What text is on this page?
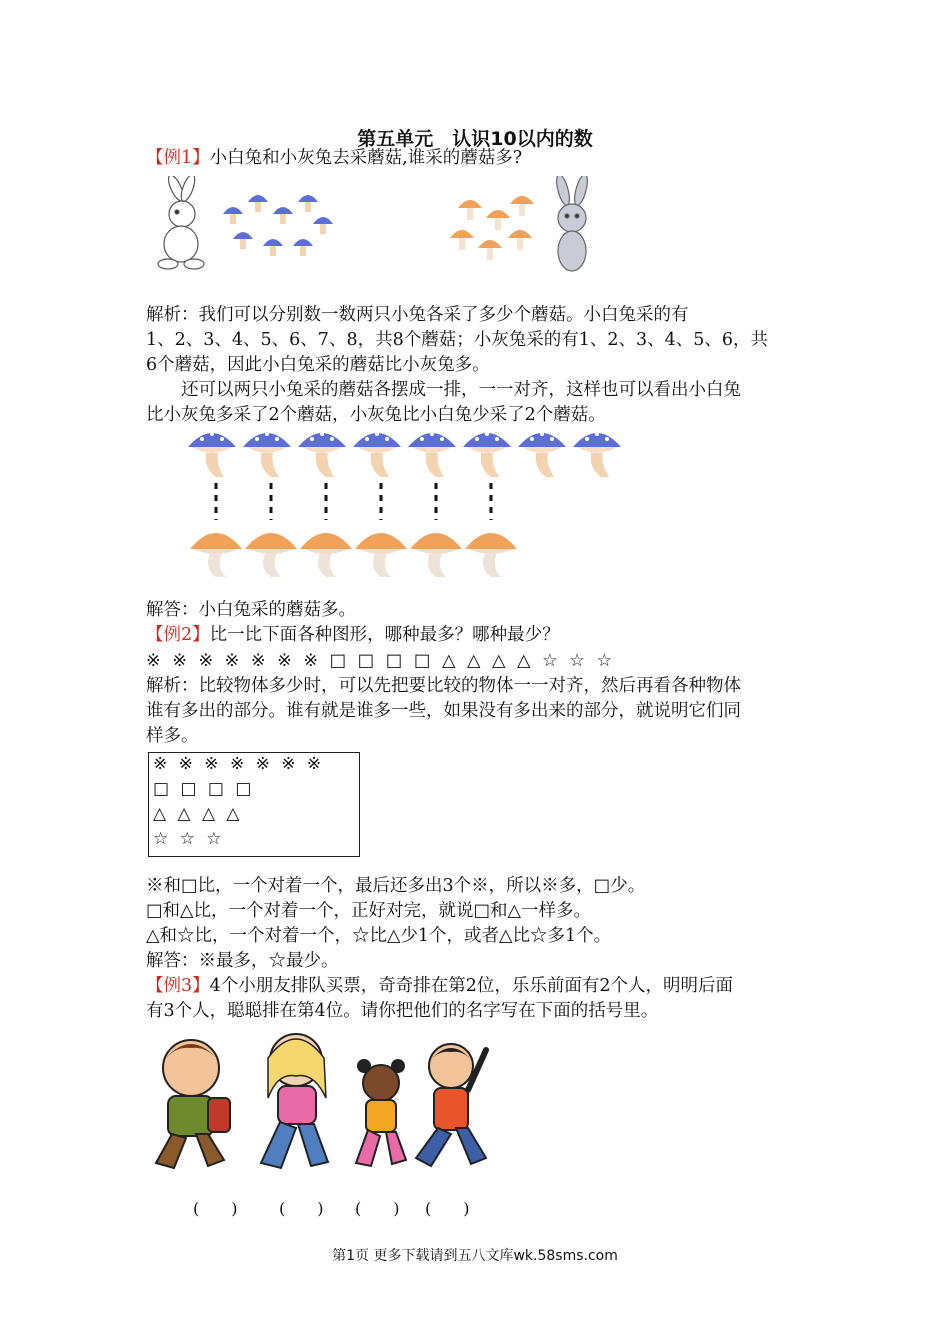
第五单元　认识10以内的数
【例1】小白兔和小灰兔去采蘑菇,谁采的蘑菇多?
解析：我们可以分别数一数两只小兔各采了多少个蘑菇。小白兔采的有
1、2、3、4、5、6、7、8，共8个蘑菇；小灰兔采的有1、2、3、4、5、6，共
6个蘑菇，因此小白兔采的蘑菇比小灰兔多。
还可以两只小兔采的蘑菇各摆成一排，一一对齐，这样也可以看出小白兔
比小灰兔多采了2个蘑菇，小灰兔比小白兔少采了2个蘑菇。
解答：小白兔采的蘑菇多。
【例2】比一比下面各种图形，哪种最多？哪种最少？
※ ※ ※ ※ ※ ※ ※ □ □ □ □ △ △ △ △ ☆ ☆ ☆
解析：比较物体多少时，可以先把要比较的物体一一对齐，然后再看各种物体
谁有多出的部分。谁有就是谁多一些，如果没有多出来的部分，就说明它们同
样多。
※ ※ ※ ※ ※ ※ ※
□ □ □ □
△ △ △ △
☆ ☆ ☆
※和□比，一个对着一个，最后还多出3个※，所以※多，□少。
□和△比，一个对着一个，正好对完，就说□和△一样多。
△和☆比，一个对着一个，☆比△少1个，或者△比☆多1个。
解答：※最多，☆最少。
【例3】4个小朋友排队买票，奇奇排在第2位，乐乐前面有2个人，明明后面
有3个人，聪聪排在第4位。请你把他们的名字写在下面的括号里。
(　　)	(　　) (　　) (　　)
第1页 更多下载请到五八文库wk.58sms.com
